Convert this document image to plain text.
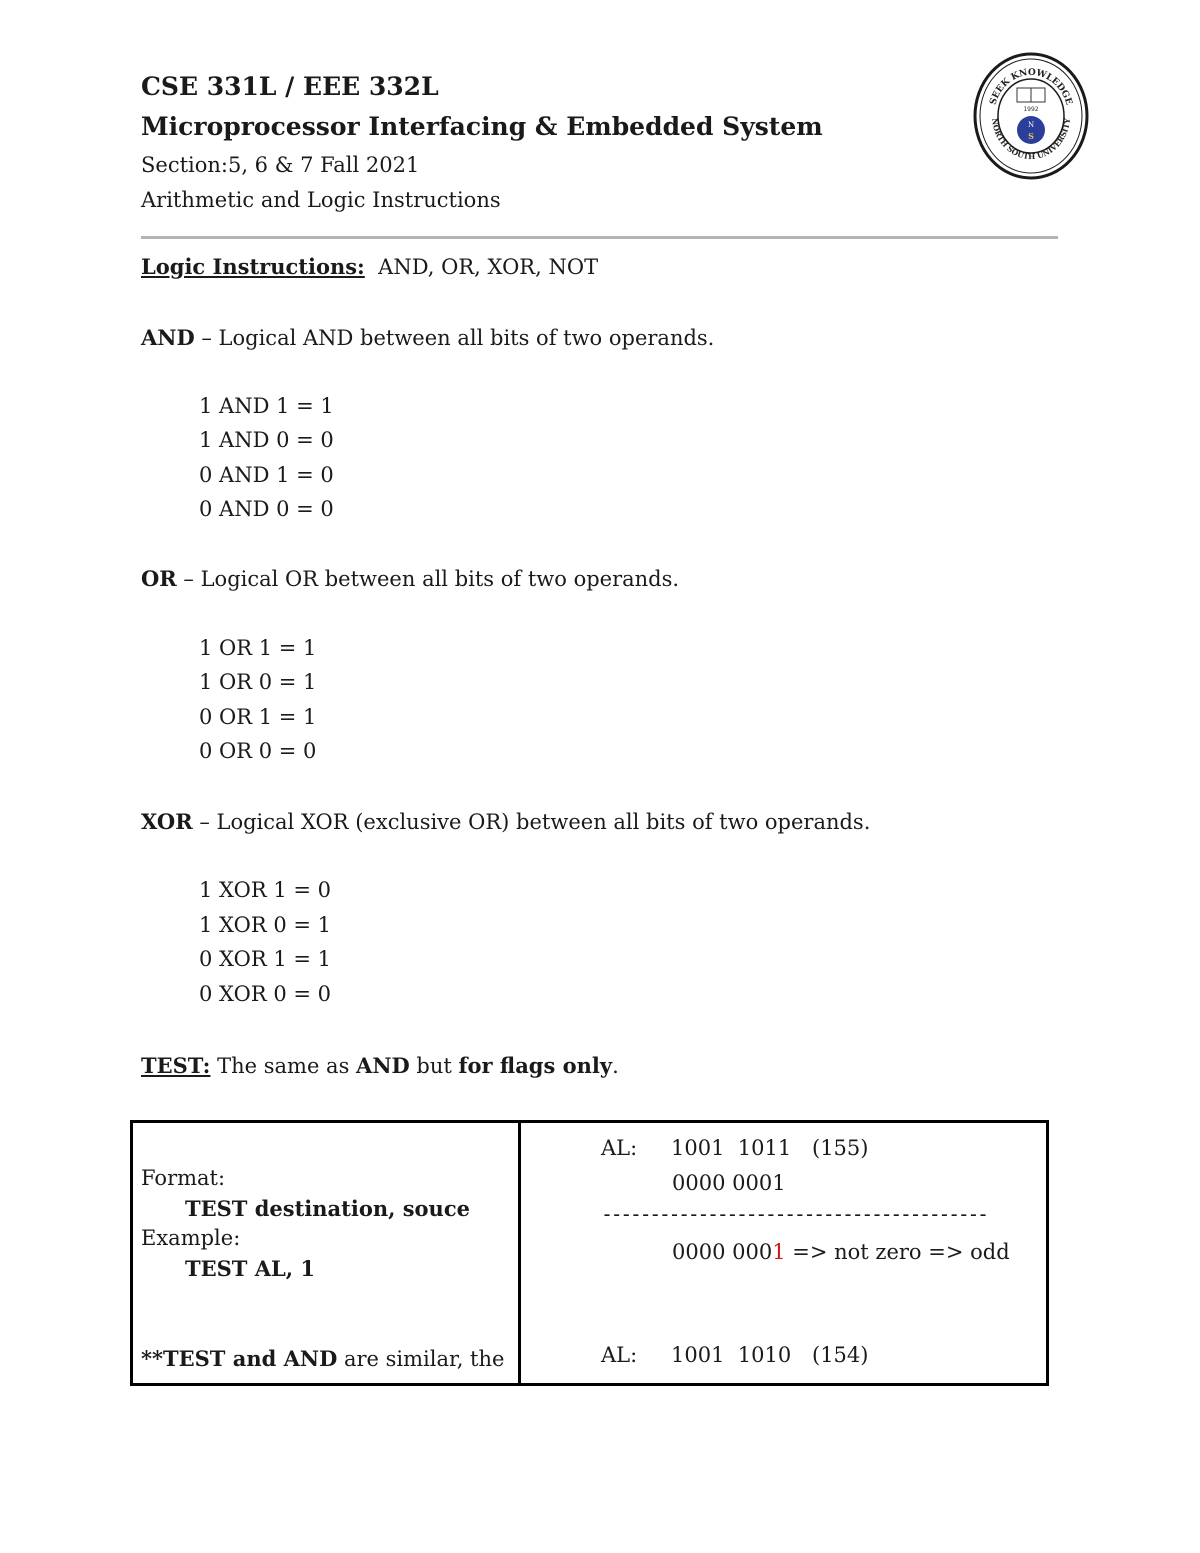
CSE 331L / EEE 332L
Microprocessor Interfacing & Embedded System
Section:5, 6 & 7 Fall 2021
Arithmetic and Logic Instructions
SEEK KNOWLEDGE
NORTH SOUTH UNIVERSITY
1992
N
S
Logic Instructions: AND, OR, XOR, NOT
AND – Logical AND between all bits of two operands.
1 AND 1 = 1
1 AND 0 = 0
0 AND 1 = 0
0 AND 0 = 0
OR – Logical OR between all bits of two operands.
1 OR 1 = 1
1 OR 0 = 1
0 OR 1 = 1
0 OR 0 = 0
XOR – Logical XOR (exclusive OR) between all bits of two operands.
1 XOR 1 = 0
1 XOR 0 = 1
0 XOR 1 = 1
0 XOR 0 = 0
TEST: The same as AND but for flags only.
Format:
TEST destination, souce
Example:
TEST AL, 1
**TEST and AND are similar, the
AL: 1001  1011 (155)
0000 0001
----------------------------------------
0000 0001 => not zero => odd
AL: 1001  1010 (154)
